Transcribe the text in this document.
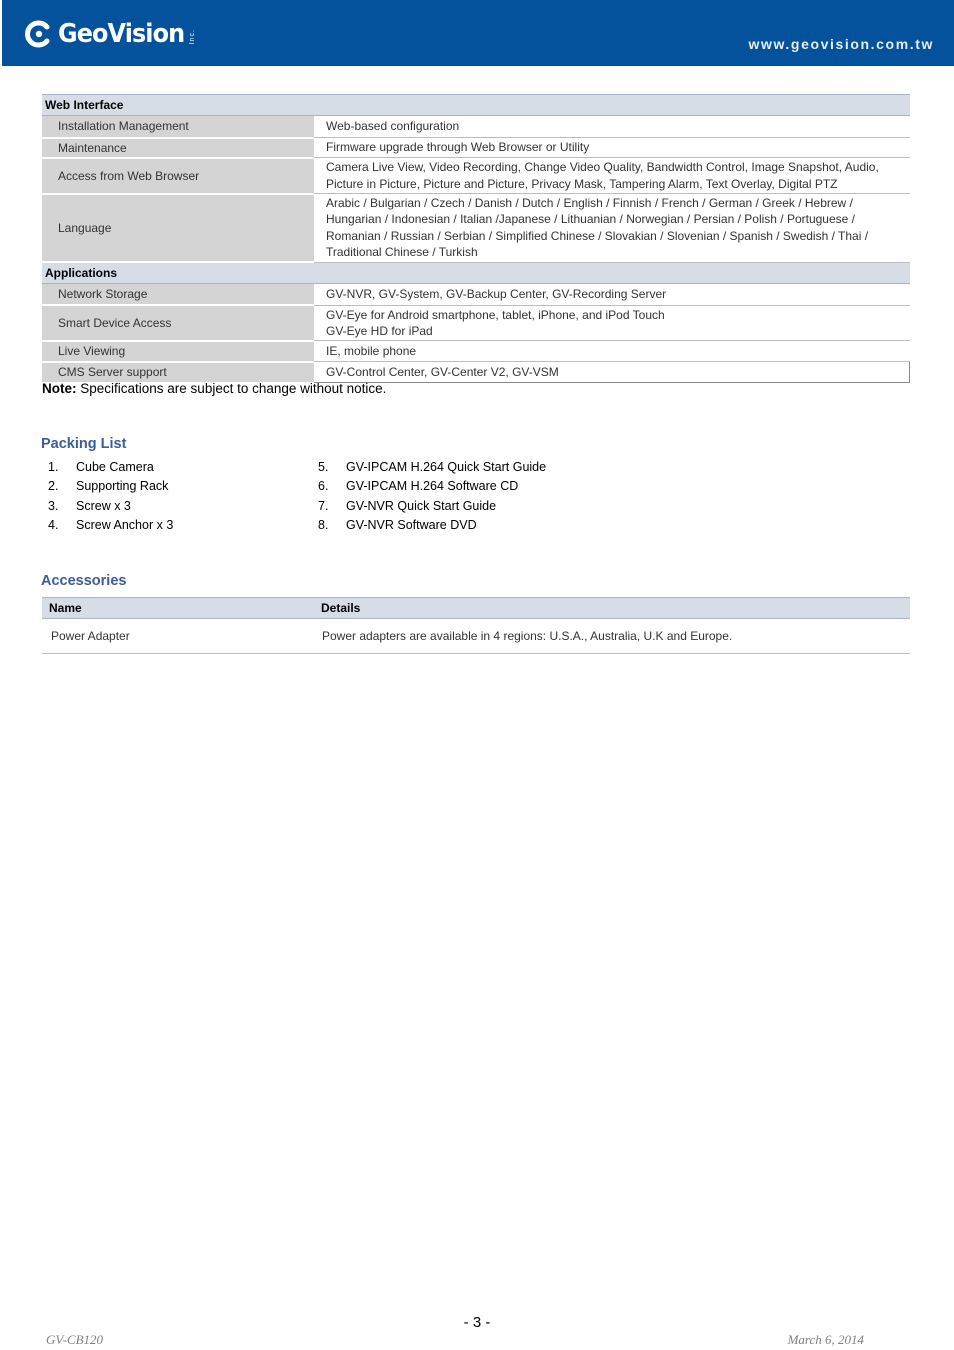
GeoVision Inc.	www.geovision.com.tw
Web Interface	
Installation Management	Web-based configuration
Maintenance	Firmware upgrade through Web Browser or Utility
Access from Web Browser	Camera Live View, Video Recording, Change Video Quality, Bandwidth Control, Image Snapshot, Audio, Picture in Picture, Picture and Picture, Privacy Mask, Tampering Alarm, Text Overlay, Digital PTZ
Language	Arabic / Bulgarian / Czech / Danish / Dutch / English / Finnish / French / German / Greek / Hebrew / Hungarian / Indonesian / Italian /Japanese / Lithuanian / Norwegian / Persian / Polish / Portuguese / Romanian / Russian / Serbian / Simplified Chinese / Slovakian / Slovenian / Spanish / Swedish / Thai / Traditional Chinese / Turkish
Applications	
Network Storage	GV-NVR, GV-System, GV-Backup Center, GV-Recording Server
Smart Device Access	GV-Eye for Android smartphone, tablet, iPhone, and iPod Touch
GV-Eye HD for iPad

Live Viewing	IE, mobile phone
CMS Server support	GV-Control Center, GV-Center V2, GV-VSM
Note: Specifications are subject to change without notice.
Packing List
1.	Cube Camera
2.	Supporting Rack
3.	Screw x 3
4.	Screw Anchor x 3
5.	GV-IPCAM H.264 Quick Start Guide
6.	GV-IPCAM H.264 Software CD
7.	GV-NVR Quick Start Guide
8.	GV-NVR Software DVD
Accessories
Name	Details
Power Adapter	Power adapters are available in 4 regions: U.S.A., Australia, U.K and Europe.
- 3 -
GV-CB120	March 6, 2014
